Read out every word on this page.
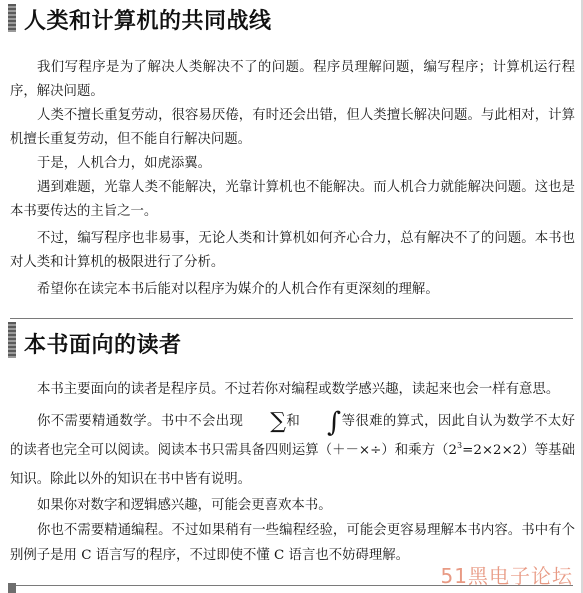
人类和计算机的共同战线

我们写程序是为了解决人类解决不了的问题。程序员理解问题，编写程序；计算机运行程序，解决问题。

人类不擅长重复劳动，很容易厌倦，有时还会出错，但人类擅长解决问题。与此相对，计算机擅长重复劳动，但不能自行解决问题。

于是，人机合力，如虎添翼。

遇到难题，光靠人类不能解决，光靠计算机也不能解决。而人机合力就能解决问题。这也是本书要传达的主旨之一。

不过，编写程序也非易事，无论人类和计算机如何齐心合力，总有解决不了的问题。本书也对人类和计算机的极限进行了分析。

希望你在读完本书后能对以程序为媒介的人机合作有更深刻的理解。

本书面向的读者

本书主要面向的读者是程序员。不过若你对编程或数学感兴趣，读起来也会一样有意思。

你不需要精通数学。书中不会出现 ∑和 ∫等很难的算式，因此自认为数学不太好的读者也完全可以阅读。阅读本书只需具备四则运算（＋－×÷）和乘方$(2^3=2\times 2\times 2)$等基础知识。除此以外的知识在书中皆有说明。

如果你对数字和逻辑感兴趣，可能会更喜欢本书。

你也不需要精通编程。不过如果稍有一些编程经验，可能会更容易理解本书内容。书中有个别例子是用 C 语言写的程序，不过即使不懂 C 语言也不妨碍理解。

51黑电子论坛
